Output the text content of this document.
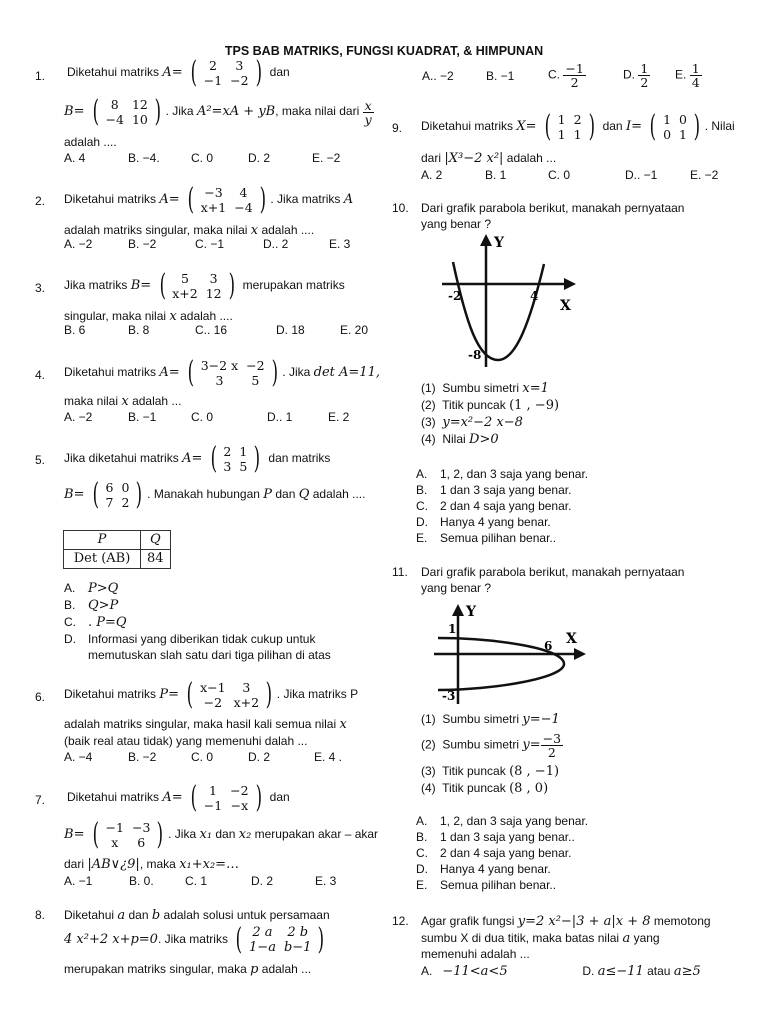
TPS BAB MATRIKS, FUNGSI KUADRAT, & HIMPUNAN
1. Diketahui matriks A= ( 2	3
−1	−2 ) dan
B= ( 8	12
−4	10 ) . Jika A²=xA + yB, maka nilai dari $\frac{x}{y}$
adalah ....
A. 4	B. −4.	C. 0	D. 2	E. −2
2. Diketahui matriks A= ( −3	4
x+1	−4 ) . Jika matriks A
adalah matriks singular, maka nilai x adalah ....
A. −2	B. −2	C. −1	D.. 2	E. 3
3. Jika matriks B= ( 5	3
x+2	12 ) merupakan matriks
singular, maka nilai x adalah ....
B. 6	B. 8	C.. 16	D. 18	E. 20
4. Diketahui matriks A= ( 3−2 x	−2
3	5 ) . Jika det A=11,
maka nilai x adalah ...
A. −2	B. −1	C. 0	D.. 1	E. 2
5. Jika diketahui matriks A= ( 2	1
3	5 ) dan matriks
B= ( 6	0
7	2 ) . Manakah hubungan P dan Q adalah ....
P	Q
Det (AB)	84
A. P>Q
B. Q>P
C. . P=Q
D. Informasi yang diberikan tidak cukup untuk
memutuskan slah satu dari tiga pilihan di atas
6. Diketahui matriks P= ( x−1	3
−2	x+2 ) . Jika matriks P
adalah matriks singular, maka hasil kali semua nilai x
(baik real atau tidak) yang memenuhi dalah ...
A. −4	B. −2	C. 0	D. 2	E. 4 .
7. Diketahui matriks A= ( 1	−2
−1	−x ) dan
B= ( −1	−3
x	6 ) . Jika x₁ dan x₂ merupakan akar – akar
dari |AB∨¿9|, maka x₁+x₂=…
A. −1	B. 0.	C. 1	D. 2	E. 3
8. Diketahui a dan b adalah solusi untuk persamaan
4 x²+2 x+p=0. Jika matriks ( 2 a	2 b
1−a	b−1 )
merupakan matriks singular, maka p adalah ...
A.. −2	B. −1	C. $\frac{-1}{2}$	D. $\frac{1}{2} E$. $\frac{1}{4}$
9. Diketahui matriks X= ( 1	2
1	1 ) dan I= ( 1	0
0	1 ) . Nilai
dari |X³−2 x²| adalah ...
A. 2	B. 1	C. 0	D.. −1	E. −2
10. Dari grafik parabola berikut, manakah pernyataan
yang benar ?
Y
X
-2	4
-8
(1) Sumbu simetri x=1
(2) Titik puncak (1 , −9)
(3) y=x²−2 x−8
(4) Nilai D>0
A. 1, 2, dan 3 saja yang benar.
B. 1 dan 3 saja yang benar.
C. 2 dan 4 saja yang benar.
D. Hanya 4 yang benar.
E. Semua pilihan benar..
11. Dari grafik parabola berikut, manakah pernyataan
yang benar ?
Y
X
1
6
-3
(1) Sumbu simetri y=−1
(2) Sumbu simetri $y= \frac{-3}{2}$
(3) Titik puncak (8 , −1)
(4) Titik puncak (8 , 0)
A. 1, 2, dan 3 saja yang benar.
B. 1 dan 3 saja yang benar..
C. 2 dan 4 saja yang benar.
D. Hanya 4 yang benar.
E. Semua pilihan benar..
12. Agar grafik fungsi y=2 x²−|3 + a|x + 8 memotong
sumbu X di dua titik, maka batas nilai a yang
memenuhi adalah ...
A. −11<a<5	D. a≤−11 atau a≥5
